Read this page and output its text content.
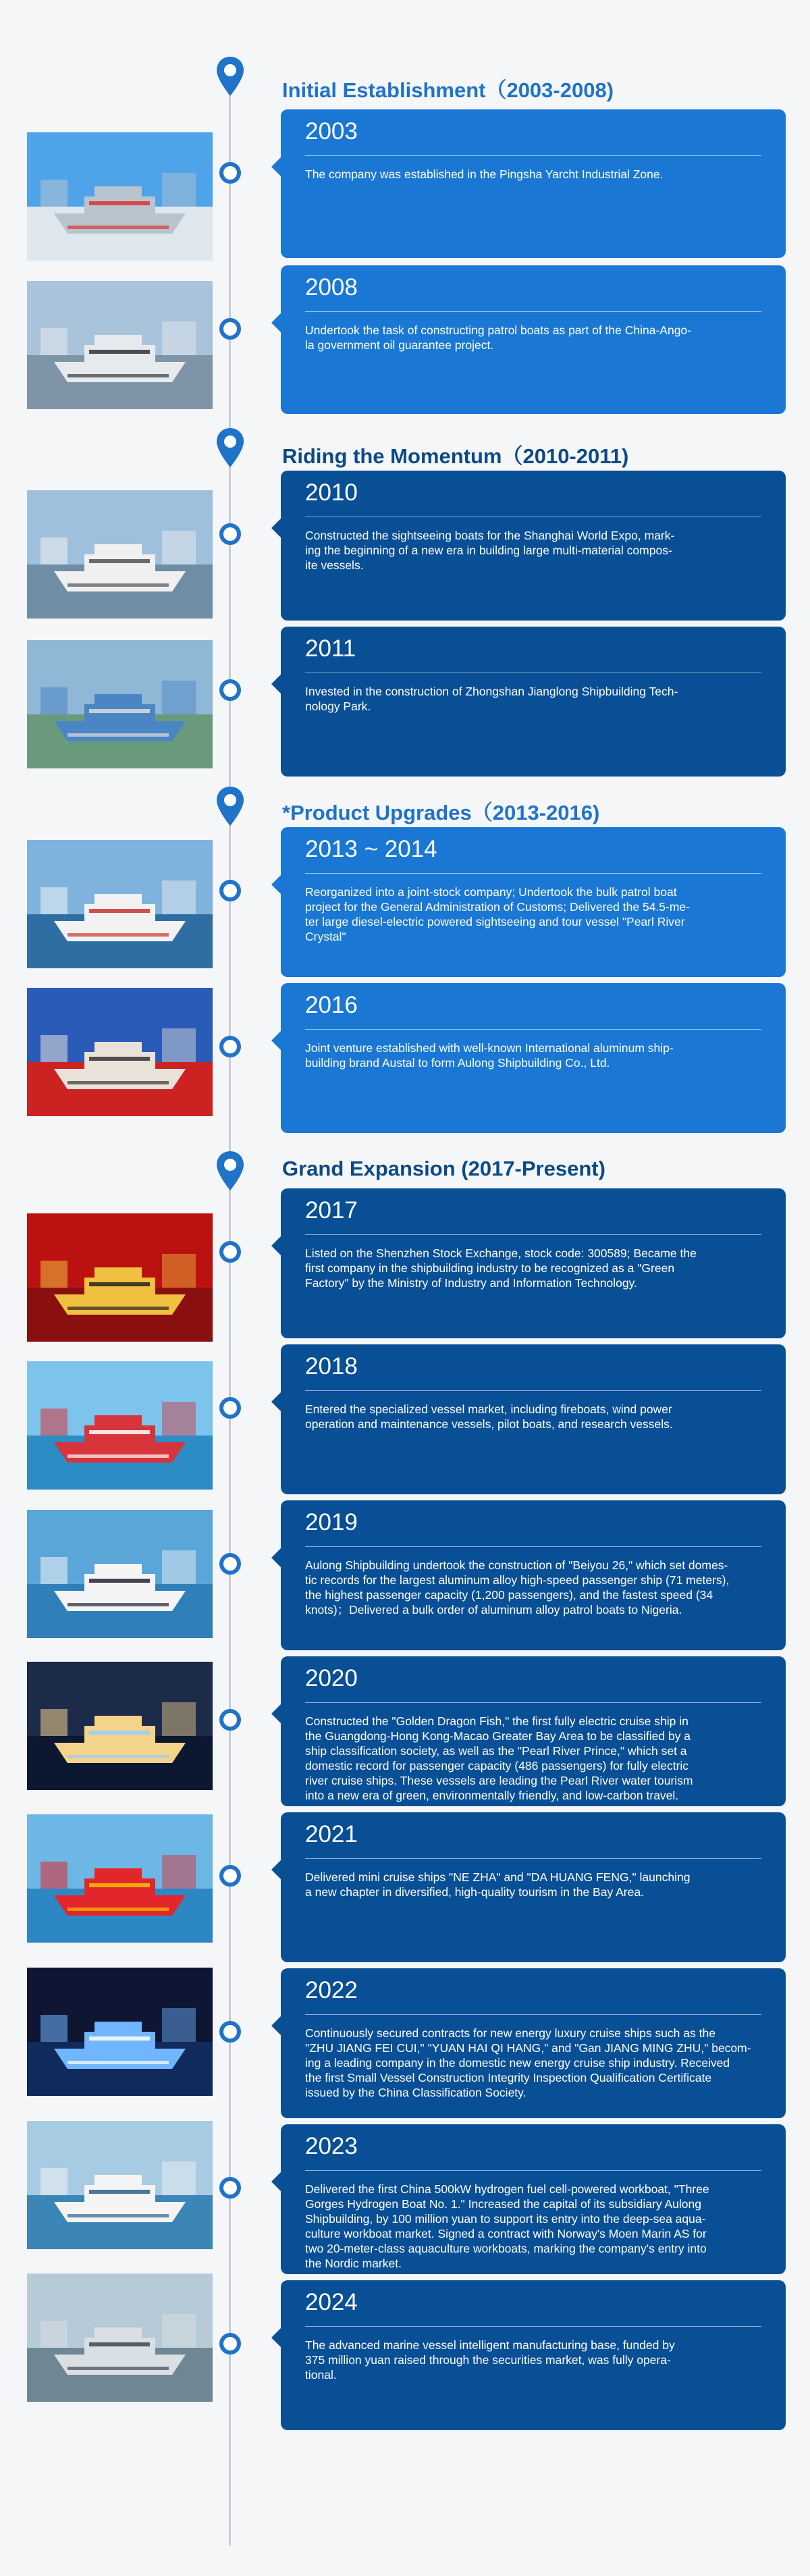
Initial Establishment（2003-2008)
Riding the Momentum（2010-2011)
*Product Upgrades（2013-2016)
Grand Expansion (2017-Present)
2003
The company was established in the Pingsha Yarcht Industrial Zone.
2008
Undertook the task of constructing patrol boats as part of the China-Ango-
la government oil guarantee project.
2010
Constructed the sightseeing boats for the Shanghai World Expo, mark-
ing the beginning of a new era in building large multi-material compos-
ite vessels.
2011
Invested in the construction of Zhongshan Jianglong Shipbuilding Tech-
nology Park.
2013 ~ 2014
Reorganized into a joint-stock company; Undertook the bulk patrol boat
project for the General Administration of Customs; Delivered the 54.5-me-
ter large diesel-electric powered sightseeing and tour vessel "Pearl River
Crystal"
2016
Joint venture established with well-known International aluminum ship-
building brand Austal to form Aulong Shipbuilding Co., Ltd.
2017
Listed on the Shenzhen Stock Exchange, stock code: 300589; Became the
first company in the shipbuilding industry to be recognized as a "Green
Factory" by the Ministry of Industry and Information Technology.
2018
Entered the specialized vessel market, including fireboats, wind power
operation and maintenance vessels, pilot boats, and research vessels.
2019
Aulong Shipbuilding undertook the construction of "Beiyou 26," which set domes-
tic records for the largest aluminum alloy high-speed passenger ship (71 meters),
the highest passenger capacity (1,200 passengers), and the fastest speed (34
knots)；Delivered a bulk order of aluminum alloy patrol boats to Nigeria.
2020
Constructed the "Golden Dragon Fish," the first fully electric cruise ship in
the Guangdong-Hong Kong-Macao Greater Bay Area to be classified by a
ship classification society, as well as the "Pearl River Prince," which set a
domestic record for passenger capacity (486 passengers) for fully electric
river cruise ships. These vessels are leading the Pearl River water tourism
into a new era of green, environmentally friendly, and low-carbon travel.
2021
Delivered mini cruise ships "NE ZHA" and "DA HUANG FENG," launching
a new chapter in diversified, high-quality tourism in the Bay Area.
2022
Continuously secured contracts for new energy luxury cruise ships such as the
"ZHU JIANG FEI CUI," "YUAN HAI QI HANG," and "Gan JIANG MING ZHU," becom-
ing a leading company in the domestic new energy cruise ship industry. Received
the first Small Vessel Construction Integrity Inspection Qualification Certificate
issued by the China Classification Society.
2023
Delivered the first China 500kW hydrogen fuel cell-powered workboat, "Three
Gorges Hydrogen Boat No. 1." Increased the capital of its subsidiary Aulong
Shipbuilding, by 100 million yuan to support its entry into the deep-sea aqua-
culture workboat market. Signed a contract with Norway's Moen Marin AS for
two 20-meter-class aquaculture workboats, marking the company's entry into
the Nordic market.
2024
The advanced marine vessel intelligent manufacturing base, funded by
375 million yuan raised through the securities market, was fully opera-
tional.
